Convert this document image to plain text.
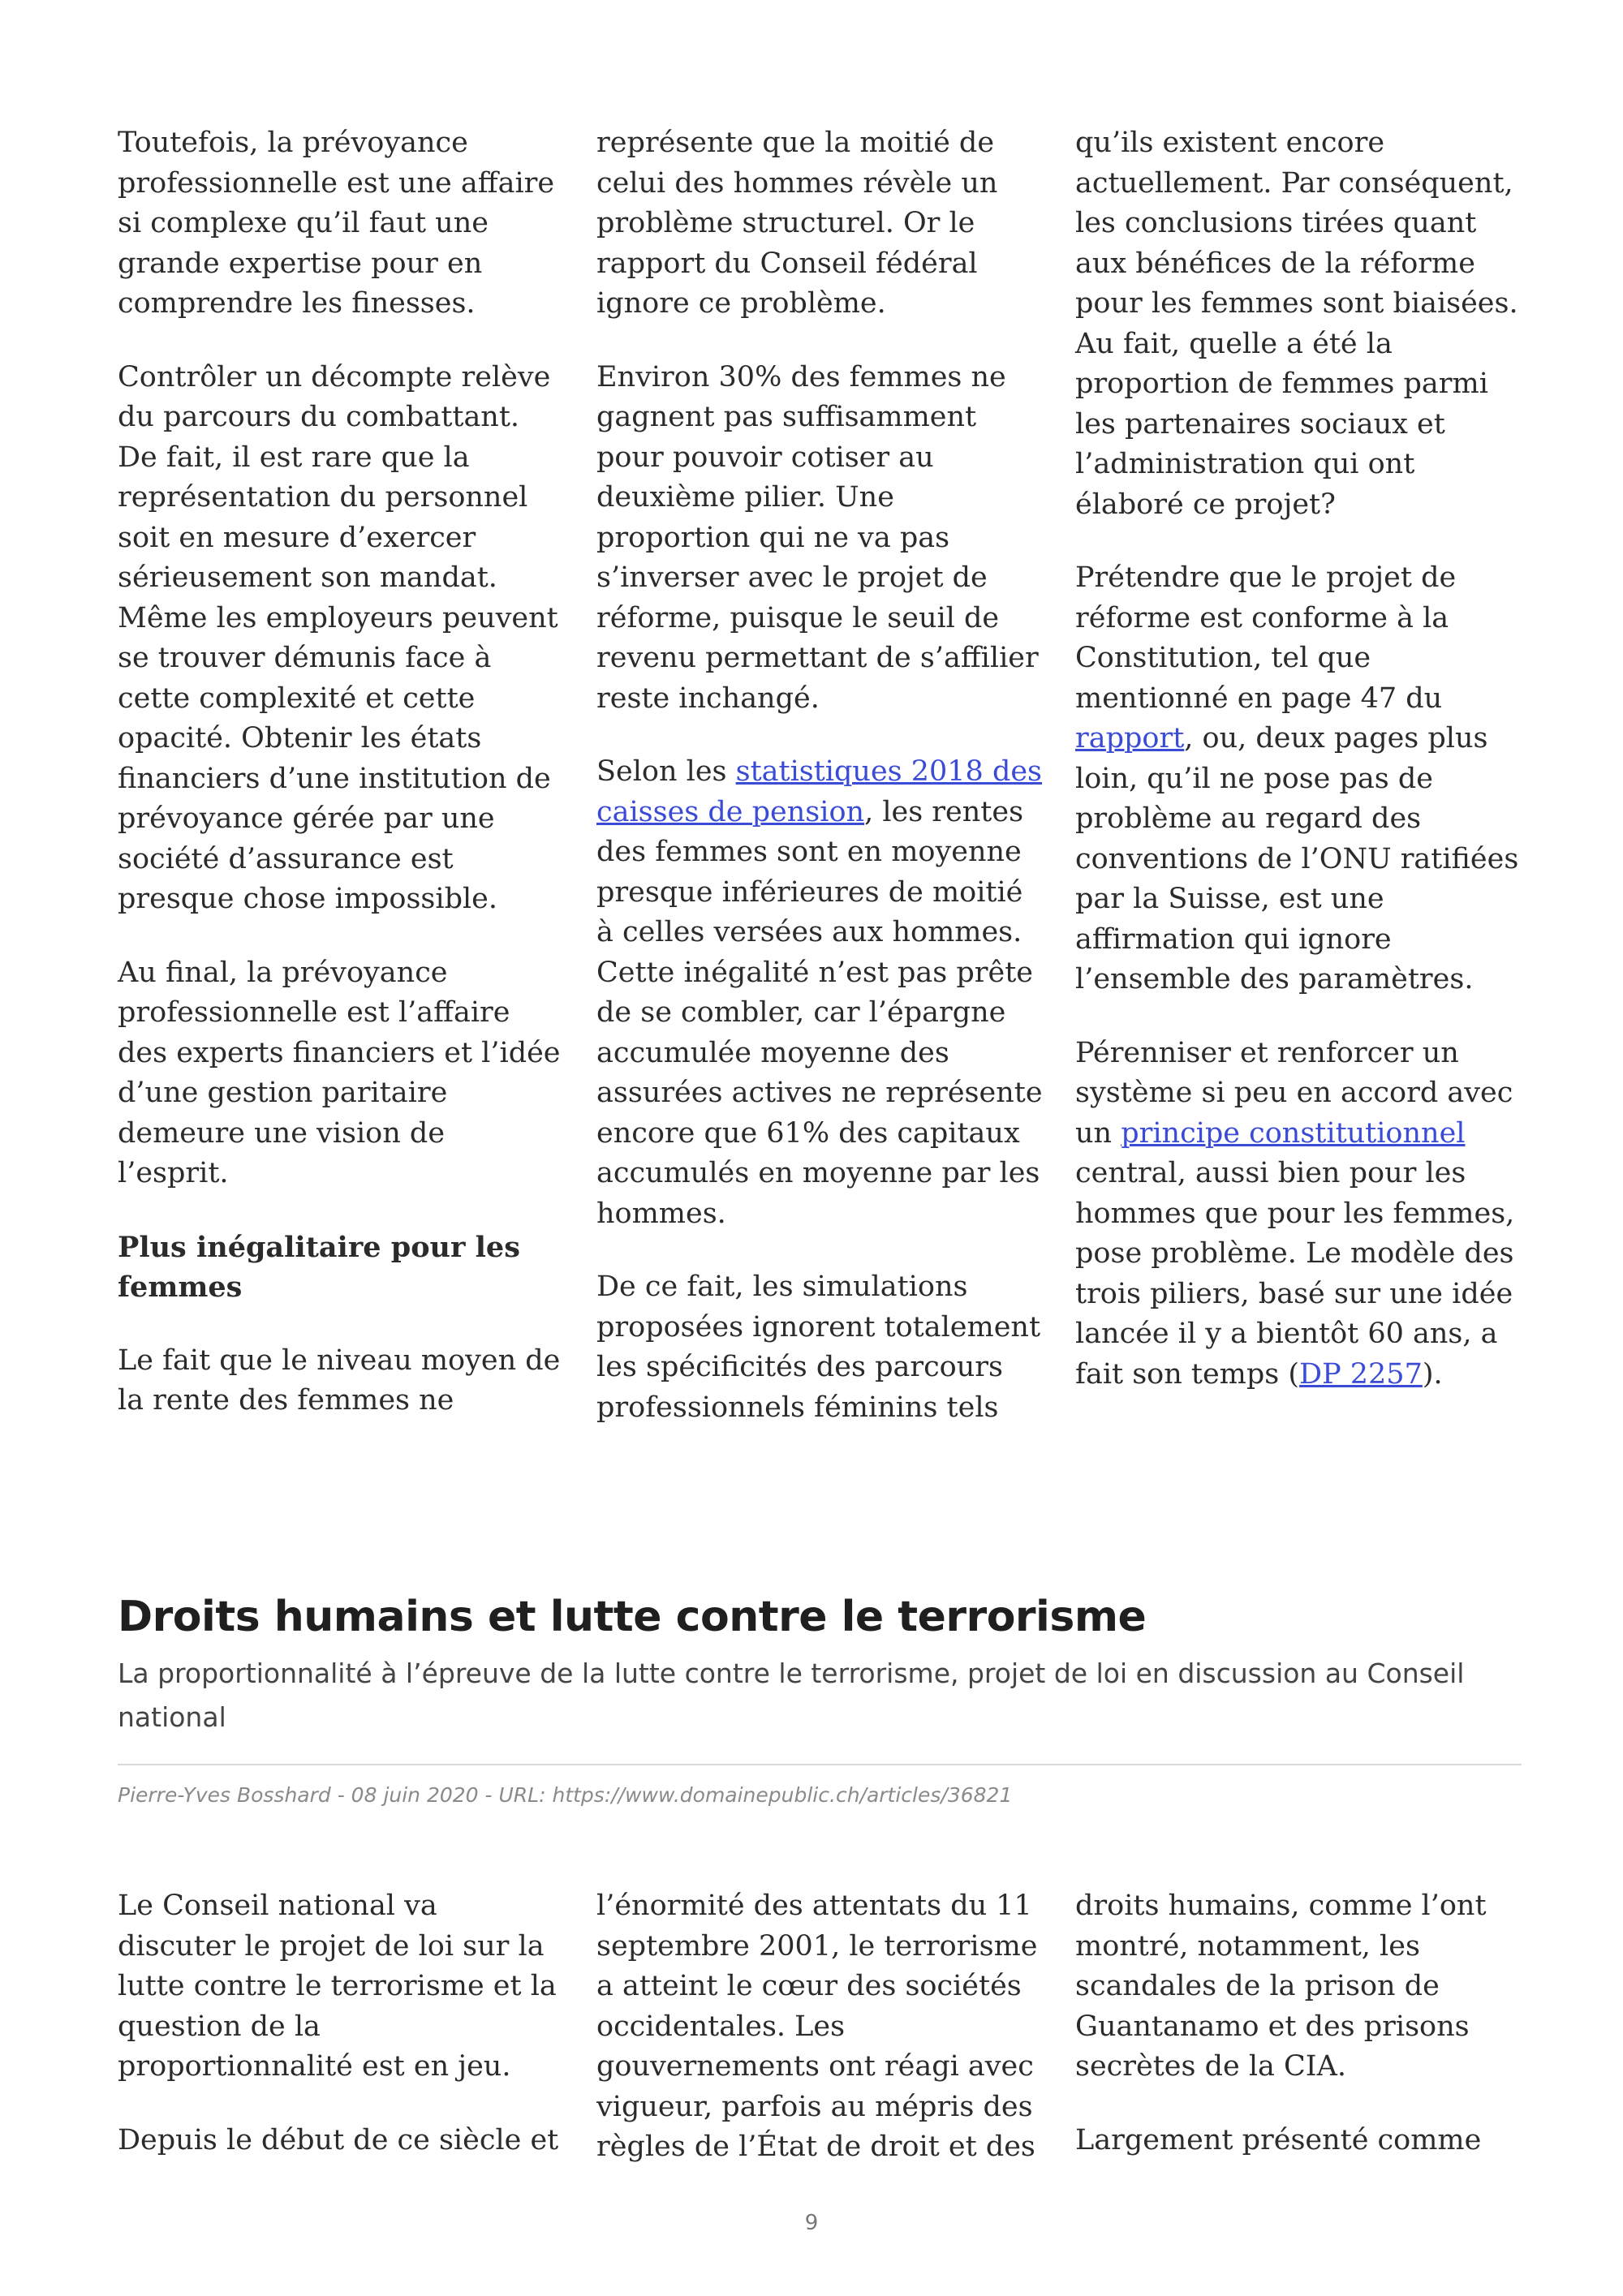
Toutefois, la prévoyance professionnelle est une affaire si complexe qu’il faut une grande expertise pour en comprendre les finesses.

Contrôler un décompte relève du parcours du combattant. De fait, il est rare que la représentation du personnel soit en mesure d’exercer sérieusement son mandat. Même les employeurs peuvent se trouver démunis face à cette complexité et cette opacité. Obtenir les états financiers d’une institution de prévoyance gérée par une société d’assurance est presque chose impossible.

Au final, la prévoyance professionnelle est l’affaire des experts financiers et l’idée d’une gestion paritaire demeure une vision de l’esprit.

Plus inégalitaire pour les femmes

Le fait que le niveau moyen de la rente des femmes ne

représente que la moitié de celui des hommes révèle un problème structurel. Or le rapport du Conseil fédéral ignore ce problème.

Environ 30% des femmes ne gagnent pas suffisamment pour pouvoir cotiser au deuxième pilier. Une proportion qui ne va pas s’inverser avec le projet de réforme, puisque le seuil de revenu permettant de s’affilier reste inchangé.

Selon les statistiques 2018 des caisses de pension, les rentes des femmes sont en moyenne presque inférieures de moitié à celles versées aux hommes. Cette inégalité n’est pas prête de se combler, car l’épargne accumulée moyenne des assurées actives ne représente encore que 61% des capitaux accumulés en moyenne par les hommes.

De ce fait, les simulations proposées ignorent totalement les spécificités des parcours professionnels féminins tels

qu’ils existent encore actuellement. Par conséquent, les conclusions tirées quant aux bénéfices de la réforme pour les femmes sont biaisées. Au fait, quelle a été la proportion de femmes parmi les partenaires sociaux et l’administration qui ont élaboré ce projet?

Prétendre que le projet de réforme est conforme à la Constitution, tel que mentionné en page 47 du rapport, ou, deux pages plus loin, qu’il ne pose pas de problème au regard des conventions de l’ONU ratifiées par la Suisse, est une affirmation qui ignore l’ensemble des paramètres.

Pérenniser et renforcer un système si peu en accord avec un principe constitutionnel central, aussi bien pour les hommes que pour les femmes, pose problème. Le modèle des trois piliers, basé sur une idée lancée il y a bientôt 60 ans, a fait son temps (DP 2257).

Droits humains et lutte contre le terrorisme

La proportionnalité à l’épreuve de la lutte contre le terrorisme, projet de loi en discussion au Conseil national

Pierre-Yves Bosshard - 08 juin 2020 - URL: https://www.domainepublic.ch/articles/36821

Le Conseil national va discuter le projet de loi sur la lutte contre le terrorisme et la question de la proportionnalité est en jeu.

Depuis le début de ce siècle et

l’énormité des attentats du 11 septembre 2001, le terrorisme a atteint le cœur des sociétés occidentales. Les gouvernements ont réagi avec vigueur, parfois au mépris des règles de l’État de droit et des

droits humains, comme l’ont montré, notamment, les scandales de la prison de Guantanamo et des prisons secrètes de la CIA.

Largement présenté comme

9
